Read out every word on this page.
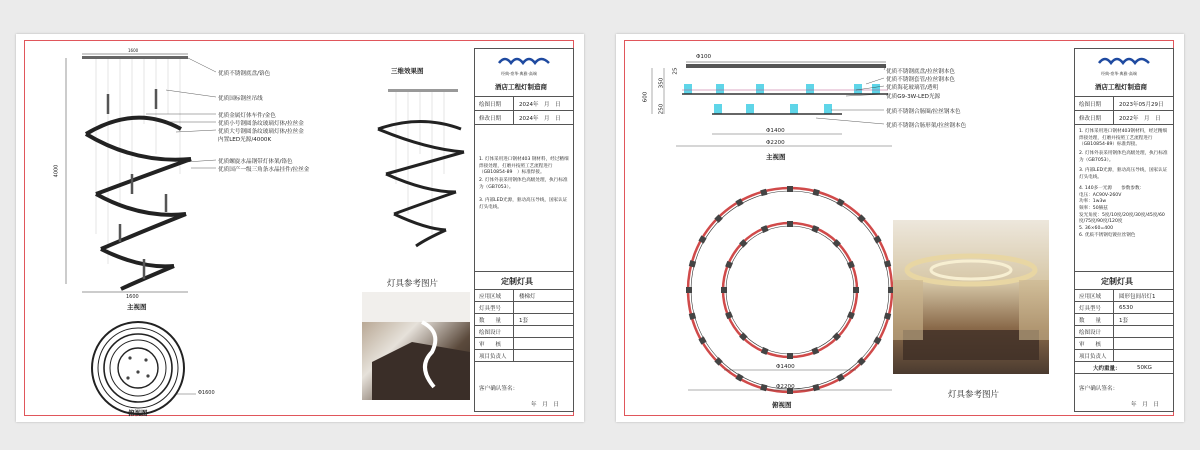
优质不锈钢底盘/铬色
优质国标钢丝吊线
优质金属灯体车件/金色
优质小号钢圆条纹玻璃灯体/拉丝金
优质大号钢圆条纹玻璃灯体/拉丝金
内置LED光源/4000K
优质螺旋水晶钢带灯体架/铬色
优质国产一级三角条水晶挂件/拉丝金
1600
4000
1600
主视图
Φ1600
俯视图
三维效果图
灯具参考图片
经典·豪华·典雅·高端
酒店工程灯制造商
绘图日期	2024年　月　日
修改日期	2024年　月　日
1. 灯体采用进口钢材403 钢材料，经过精细焊接处理，打磨并按照工艺流程进行（GB10854-89　）标准焊接。
2. 灯体外表采用钢体色高级处理，执行标准为（GB7053）。
3. 内部LED光源，驱动高压导线，国家认证灯头电线。
定制灯具
应用区域	楼梯灯
灯具型号
数　　量	1套
绘图设计
审　　核
项目负责人
客户确认签名：
年　月　日
Φ100
600
250
350
25
Φ1400
Φ2200
主视图
优质不锈钢底盘/拉丝钢本色
优质不锈钢套管/拉丝钢本色
优质海花玻璃管/透明
优质G9-3W-LED光源
优质不锈钢合肠圈/拉丝钢本色
优质不锈钢合肠形架/拉丝钢本色
Φ1400
Φ2200
俯视图
灯具参考图片
经典·豪华·典雅·高端
酒店工程灯制造商
绘图日期	2023年05月29日
修改日期	2022年　月　日
1. 灯体采用进口钢材403钢材料，经过精细焊接处理，打磨并按照工艺流程进行（GB10854-89）标准焊接。
2. 灯体外表采用钢体色高级处理，执行标准为（GB7053）。
3. 内部LED光源，驱动高压导线，国家认证灯头电线。
4. 140多一光源　　参数参数：
电压：AC90V-260V
功率：1w3w
频率：50赫兹
发光角度：5度/10度/20度/30度/45度/60度/75度/90度/120度
5. 36×60=400
6. 优质不锈钢电镀拉丝钢色
定制灯具
应用区域	圆形包间吊灯1
灯具型号	6530
数　　量	1套
绘图设计
审　　核
项目负责人
大约重量：	50KG
客户确认签名：
年　月　日
